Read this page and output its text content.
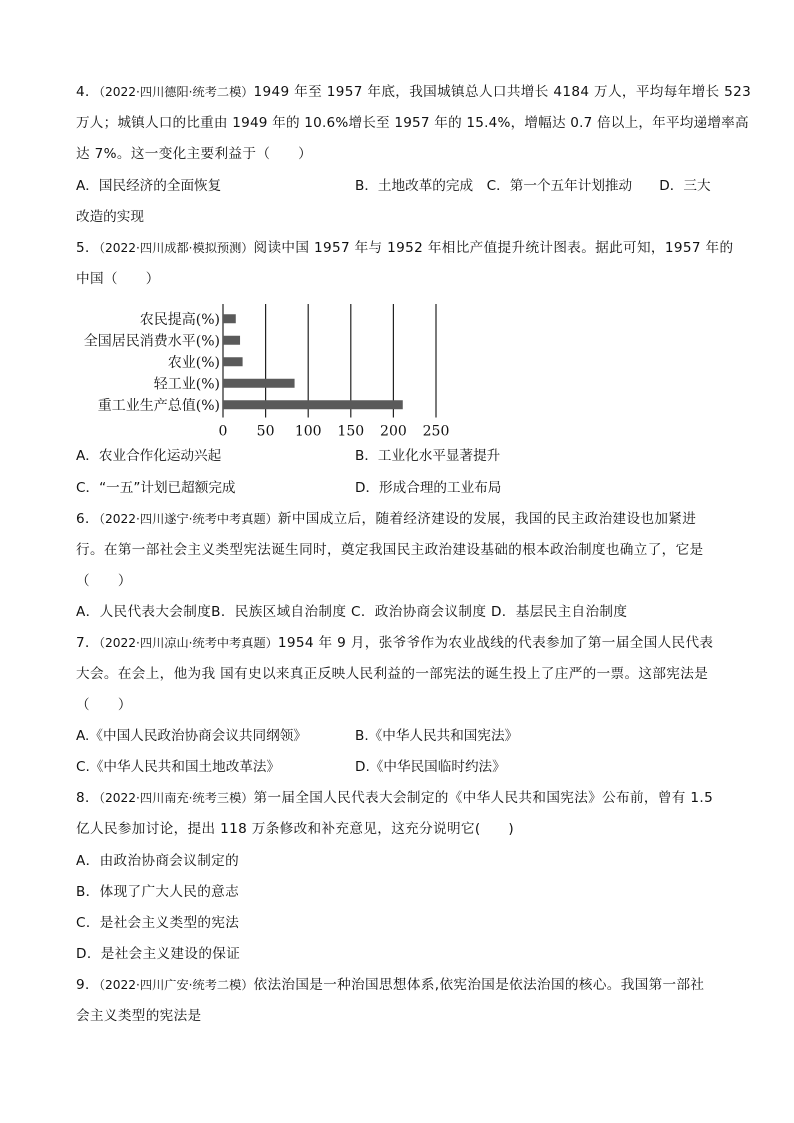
4．（2022·四川德阳·统考二模）1949 年至 1957 年底，我国城镇总人口共增长 4184 万人，平均每年增长 523
万人；城镇人口的比重由 1949 年的 10.6%增长至 1957 年的 15.4%，增幅达 0.7 倍以上，年平均递增率高
达 7%。这一变化主要利益于（　　）
A．国民经济的全面恢复	B．土地改革的完成　C．第一个五年计划推动　　D．三大
改造的实现
5．（2022·四川成都·模拟预测）阅读中国 1957 年与 1952 年相比产值提升统计图表。据此可知，1957 年的
中国（　　）
农民提高(%)
全国居民消费水平(%)
农业(%)
轻工业(%)
重工业生产总值(%)
0 50 100 150 200 250
A．农业合作化运动兴起	B．工业化水平显著提升
C．“一五”计划已超额完成	D．形成合理的工业布局
6．（2022·四川遂宁·统考中考真题）新中国成立后，随着经济建设的发展，我国的民主政治建设也加紧进
行。在第一部社会主义类型宪法诞生同时，奠定我国民主政治建设基础的根本政治制度也确立了，它是
（　　）
A．人民代表大会制度B．民族区域自治制度 C．政治协商会议制度 D．基层民主自治制度
7．（2022·四川凉山·统考中考真题）1954 年 9 月，张爷爷作为农业战线的代表参加了第一届全国人民代表
大会。在会上，他为我 国有史以来真正反映人民利益的一部宪法的诞生投上了庄严的一票。这部宪法是
（　　）
A.《中国人民政治协商会议共同纲领》	B.《中华人民共和国宪法》
C.《中华人民共和国土地改革法》	D.《中华民国临时约法》
8．（2022·四川南充·统考三模）第一届全国人民代表大会制定的《中华人民共和国宪法》公布前，曾有 1.5
亿人民参加讨论，提出 118 万条修改和补充意见，这充分说明它(　　)
A．由政治协商会议制定的
B．体现了广大人民的意志
C．是社会主义类型的宪法
D．是社会主义建设的保证
9．（2022·四川广安·统考二模）依法治国是一种治国思想体系,依宪治国是依法治国的核心。我国第一部社
会主义类型的宪法是
